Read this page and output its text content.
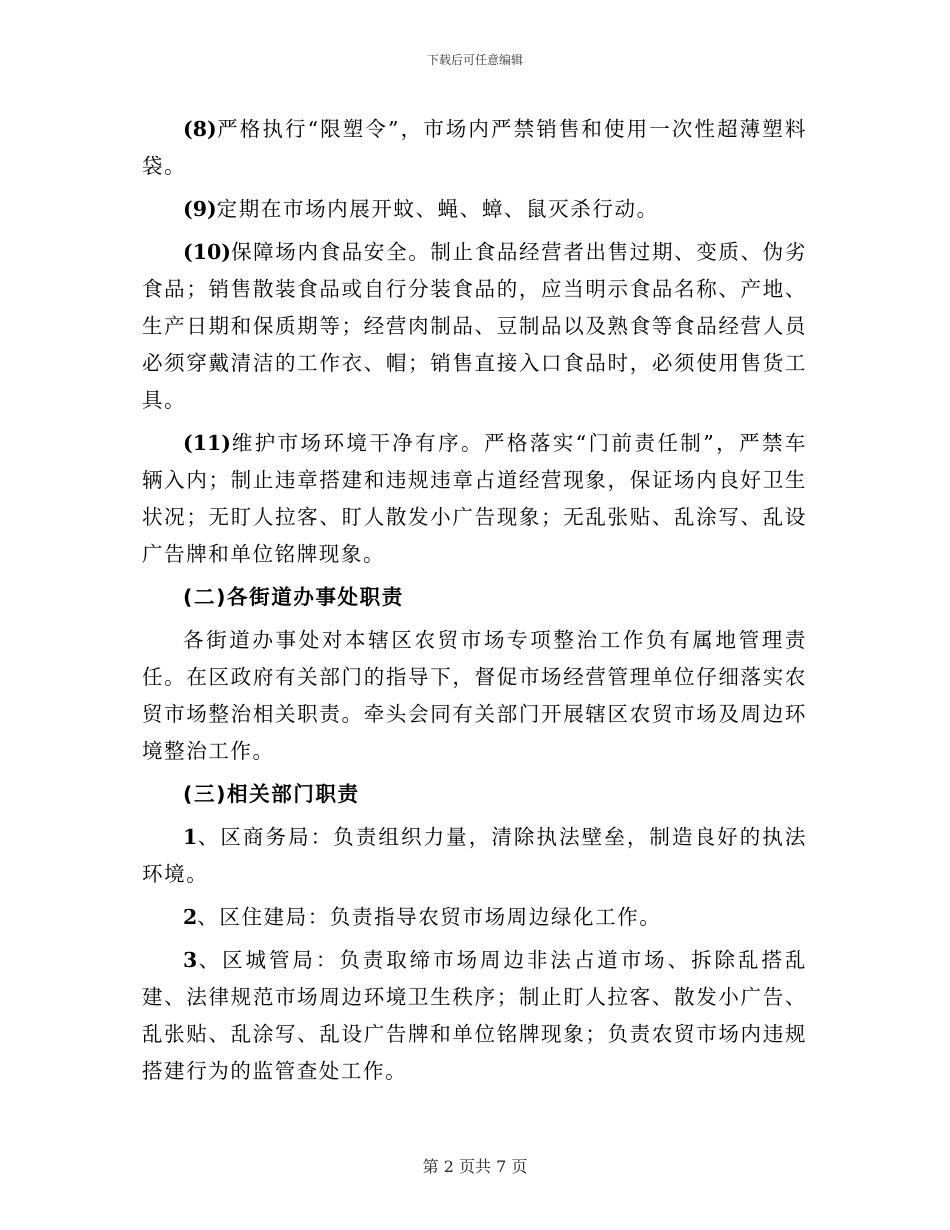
下载后可任意编辑

(8)严格执行“限塑令”，市场内严禁销售和使用一次性超薄塑料袋。

(9)定期在市场内展开蚊、蝇、蟑、鼠灭杀行动。

(10)保障场内食品安全。制止食品经营者出售过期、变质、伪劣食品；销售散装食品或自行分装食品的，应当明示食品名称、产地、生产日期和保质期等；经营肉制品、豆制品以及熟食等食品经营人员必须穿戴清洁的工作衣、帽；销售直接入口食品时，必须使用售货工具。

(11)维护市场环境干净有序。严格落实“门前责任制”，严禁车辆入内；制止违章搭建和违规违章占道经营现象，保证场内良好卫生状况；无盯人拉客、盯人散发小广告现象；无乱张贴、乱涂写、乱设广告牌和单位铭牌现象。

(二)各街道办事处职责

各街道办事处对本辖区农贸市场专项整治工作负有属地管理责任。在区政府有关部门的指导下，督促市场经营管理单位仔细落实农贸市场整治相关职责。牵头会同有关部门开展辖区农贸市场及周边环境整治工作。

(三)相关部门职责

1、区商务局：负责组织力量，清除执法壁垒，制造良好的执法环境。

2、区住建局：负责指导农贸市场周边绿化工作。

3、区城管局：负责取缔市场周边非法占道市场、拆除乱搭乱建、法律规范市场周边环境卫生秩序；制止盯人拉客、散发小广告、乱张贴、乱涂写、乱设广告牌和单位铭牌现象；负责农贸市场内违规搭建行为的监管查处工作。

第 2 页共 7 页
